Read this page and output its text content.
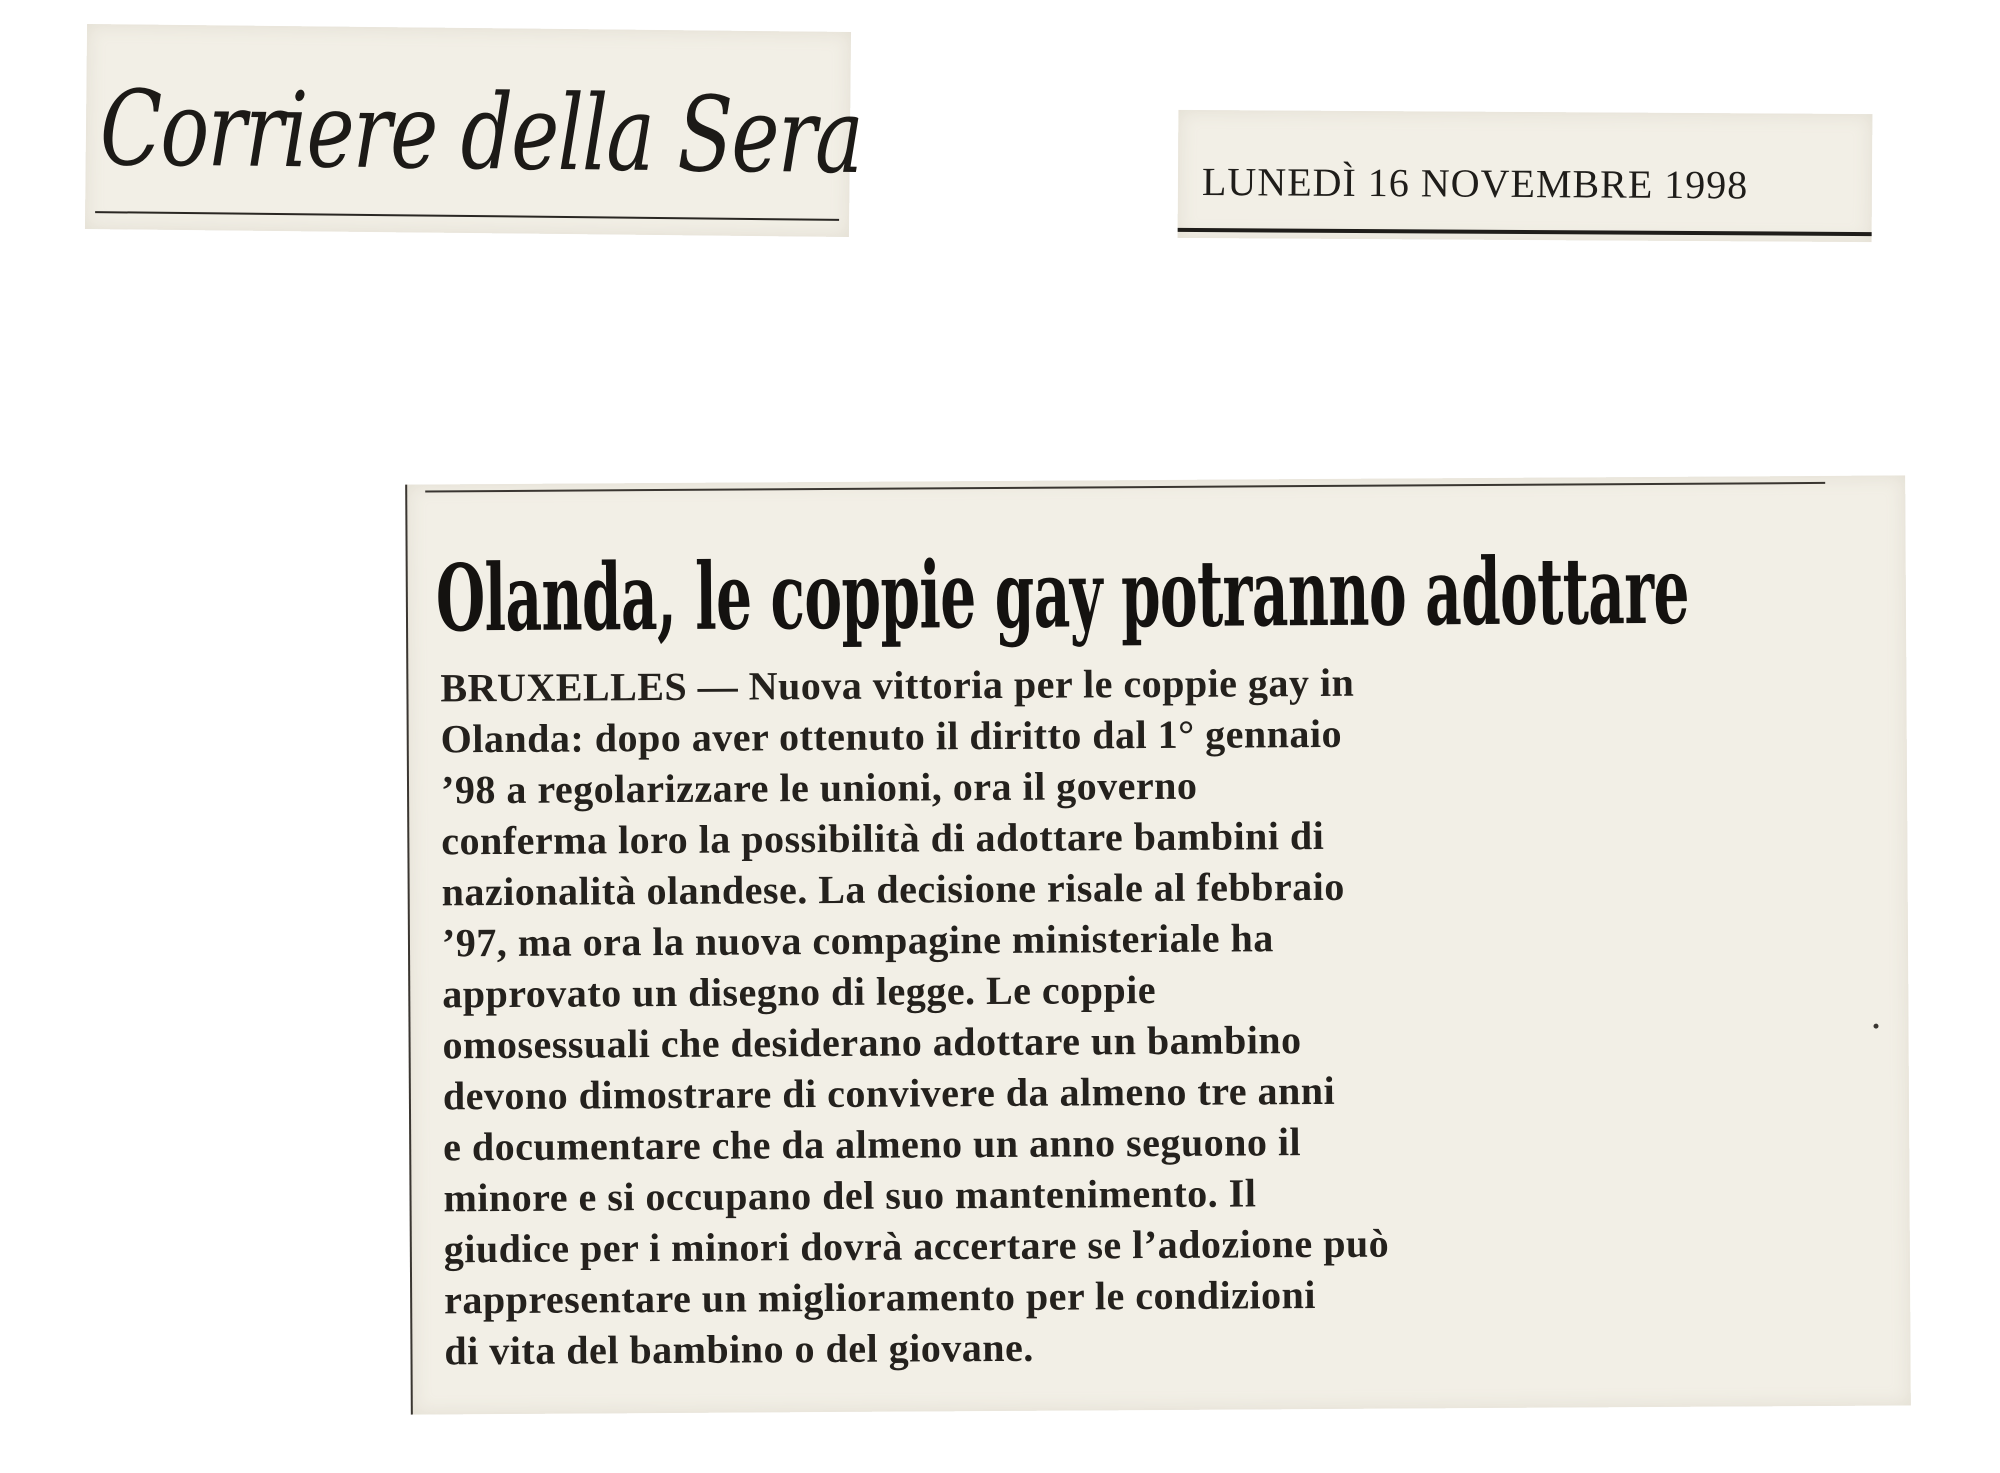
Corriere della Sera	LUNEDÌ 16 NOVEMBRE 1998
Olanda, le coppie gay potranno adottare
BRUXELLES — Nuova vittoria per le coppie gay in
Olanda: dopo aver ottenuto il diritto dal 1° gennaio
’98 a regolarizzare le unioni, ora il governo
conferma loro la possibilità di adottare bambini di
nazionalità olandese. La decisione risale al febbraio
’97, ma ora la nuova compagine ministeriale ha
approvato un disegno di legge. Le coppie
omosessuali che desiderano adottare un bambino
devono dimostrare di convivere da almeno tre anni
e documentare che da almeno un anno seguono il
minore e si occupano del suo mantenimento. Il
giudice per i minori dovrà accertare se l’adozione può
rappresentare un miglioramento per le condizioni
di vita del bambino o del giovane.
